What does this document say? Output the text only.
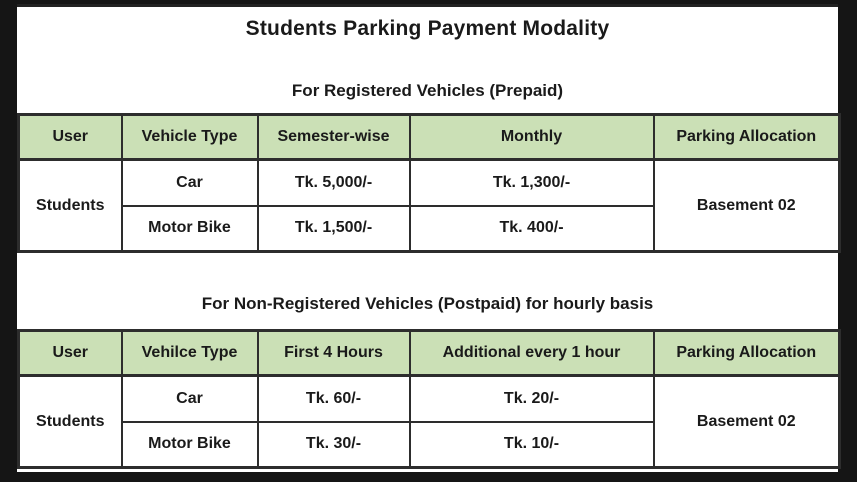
Students Parking Payment Modality
For Registered Vehicles (Prepaid)
User	Vehicle Type	Semester-wise	Monthly	Parking Allocation
Students	Car	Tk. 5,000/-	Tk. 1,300/-	Basement 02
	Motor Bike	Tk. 1,500/-	Tk. 400/-	
For Non-Registered Vehicles (Postpaid) for hourly basis
User	Vehilce Type	First 4 Hours	Additional every 1 hour	Parking Allocation
Students	Car	Tk. 60/-	Tk. 20/-	Basement 02
	Motor Bike	Tk. 30/-	Tk. 10/-	
